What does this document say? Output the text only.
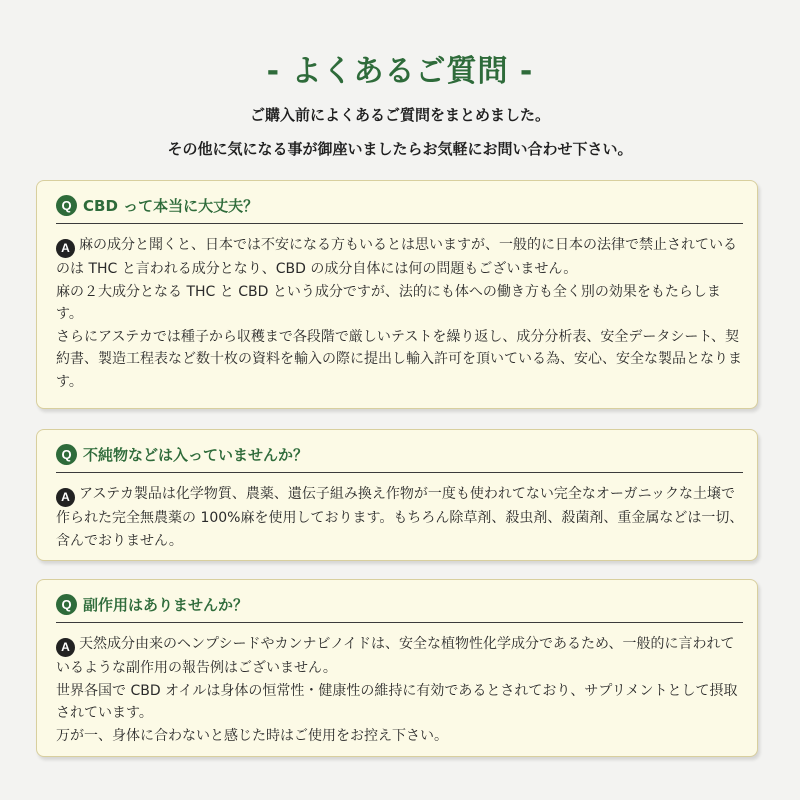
- よくあるご質問 -
ご購入前によくあるご質問をまとめました。
その他に気になる事が御座いましたらお気軽にお問い合わせ下さい。
Q CBD って本当に大丈夫？

A 麻の成分と聞くと、日本では不安になる方もいるとは思いますが、一般的に日本の法律で禁止されているのは THC と言われる成分となり、CBD の成分自体には何の問題もございません。

麻の２大成分となる THC と CBD という成分ですが、法的にも体への働き方も全く別の効果をもたらします。

さらにアステカでは種子から収穫まで各段階で厳しいテストを繰り返し、成分分析表、安全データシート、契約書、製造工程表など数十枚の資料を輸入の際に提出し輸入許可を頂いている為、安心、安全な製品となります。

Q 不純物などは入っていませんか？

A アステカ製品は化学物質、農薬、遺伝子組み換え作物が一度も使われてない完全なオーガニックな土壌で作られた完全無農薬の 100%麻を使用しております。もちろん除草剤、殺虫剤、殺菌剤、重金属などは一切、含んでおりません。

Q 副作用はありませんか？

A 天然成分由来のヘンプシードやカンナビノイドは、安全な植物性化学成分であるため、一般的に言われているような副作用の報告例はございません。

世界各国で CBD オイルは身体の恒常性・健康性の維持に有効であるとされており、サプリメントとして摂取されています。

万が一、身体に合わないと感じた時はご使用をお控え下さい。
